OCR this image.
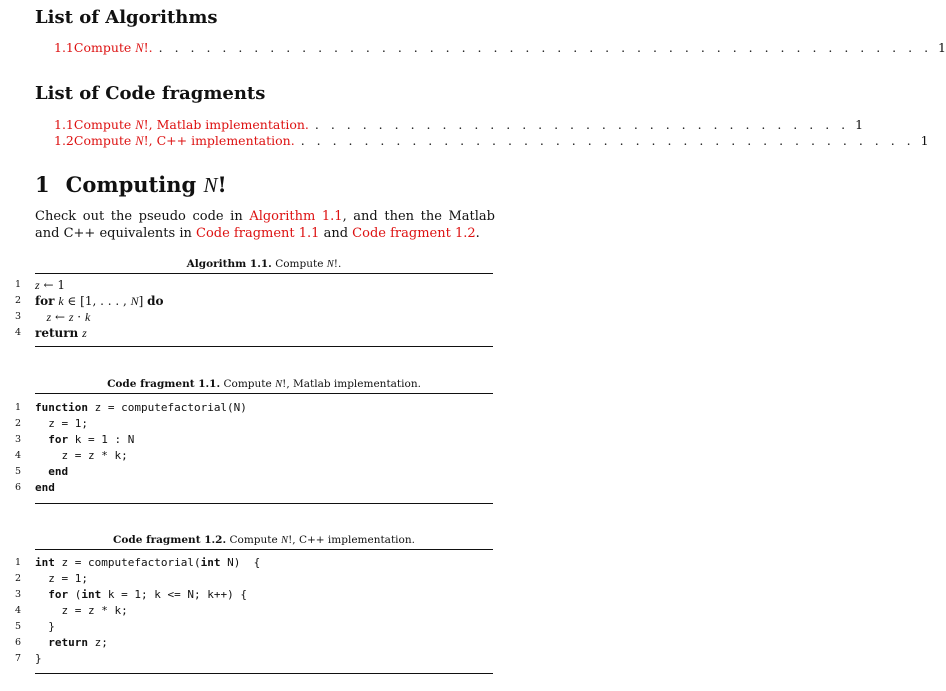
List of Algorithms
1.1 Compute N!. . . . . . . . . . . . . . . . . . . . . . . . . . . . . . . . . . . . . . . . . . . . . . . . . . 1
List of Code fragments
1.1 Compute N!, Matlab implementation. . . . . . . . . . . . . . . . . . . . . . . . . . . . . . . . . . . 1
1.2 Compute N!, C++ implementation. . . . . . . . . . . . . . . . . . . . . . . . . . . . . . . . . . . . . . . . 1
1 Computing N!
Check out the pseudo code in Algorithm 1.1, and then the Matlab and C++ equivalents in Code fragment 1.1 and Code fragment 1.2.
Algorithm 1.1. Compute N!.
1 z ← 1
2 for k ∈ [1, . . . , N] do
3	z ← z · k
4 return z
Code fragment 1.1. Compute N!, Matlab implementation.
1 function z = computefactorial(N)
2 z = 1;
3	for k = 1 : N
4 z = z * k;
5	end
6 end
Code fragment 1.2. Compute N!, C++ implementation.
1 int z = computefactorial(int N)  {
2 z = 1;
3	for (int k = 1; k <= N; k++) {
4 z = z * k;
5 }
6	return z;
7 }
